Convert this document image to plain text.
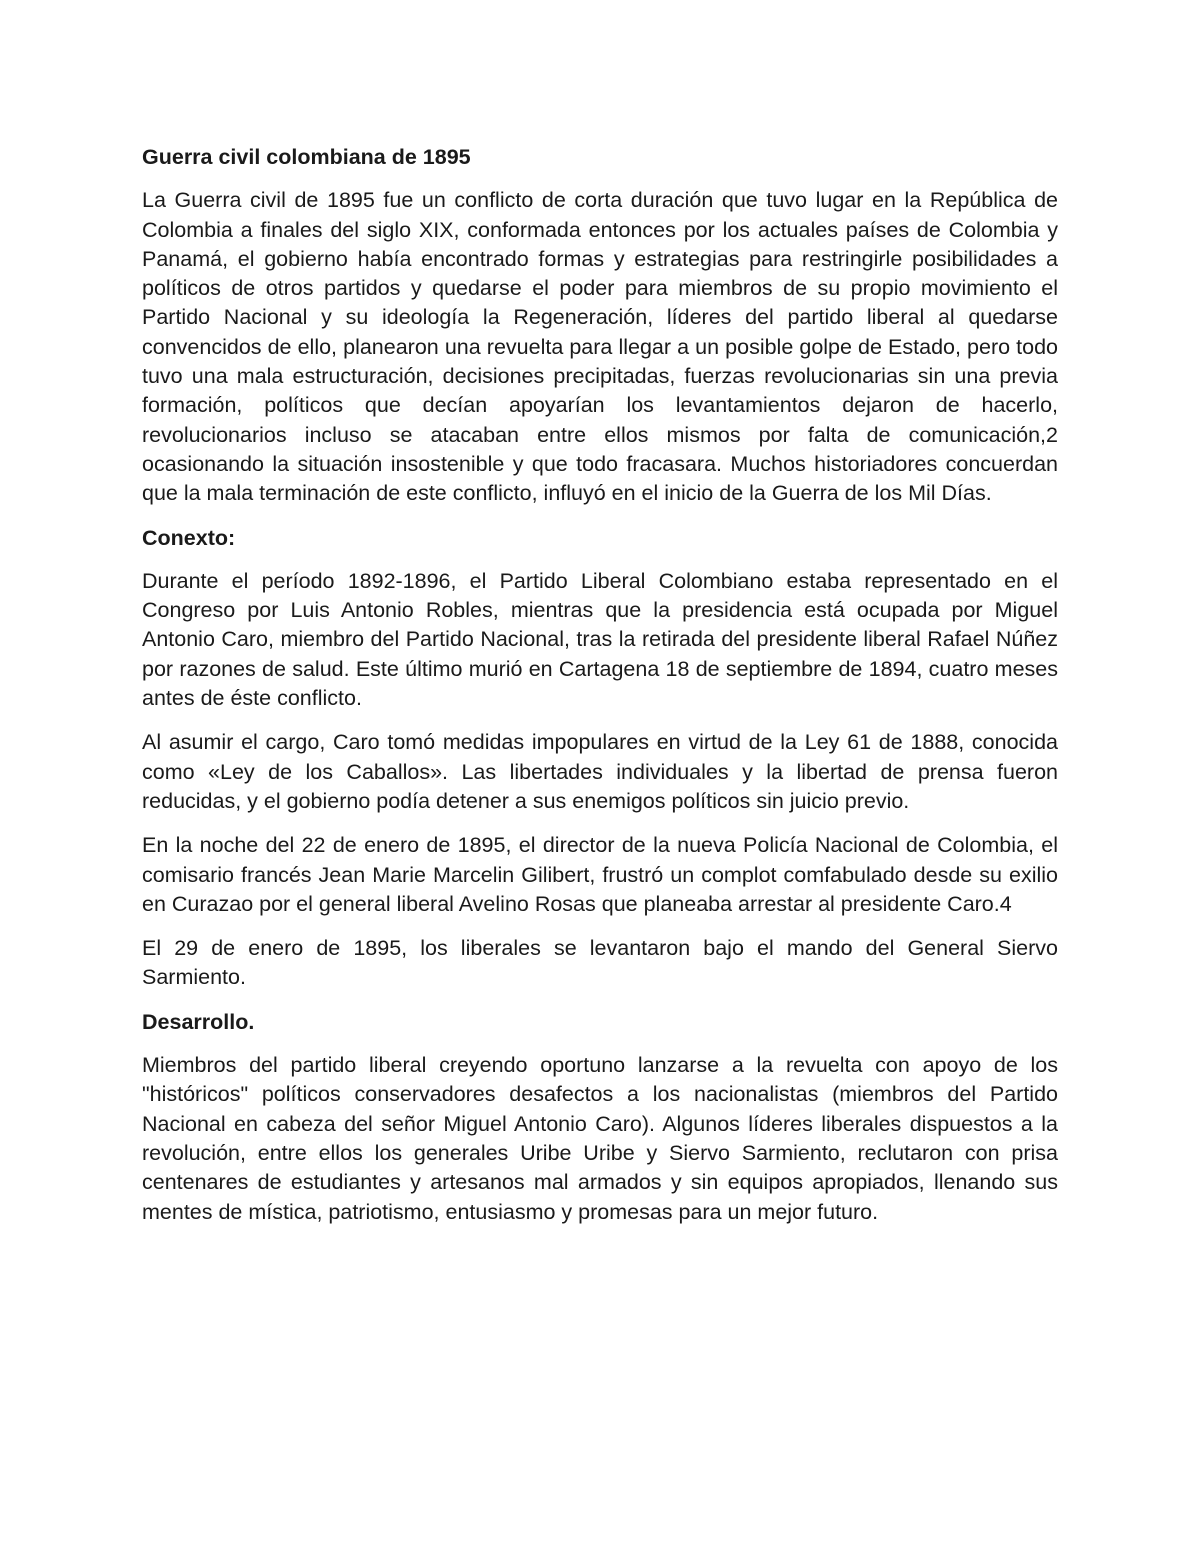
Guerra civil colombiana de 1895

La Guerra civil de 1895 fue un conflicto de corta duración que tuvo lugar en la República de Colombia a finales del siglo XIX, conformada entonces por los actuales países de Colombia y Panamá, el gobierno había encontrado formas y estrategias para restringirle posibilidades a políticos de otros partidos y quedarse el poder para miembros de su propio movimiento el Partido Nacional y su ideología la Regeneración, líderes del partido liberal al quedarse convencidos de ello, planearon una revuelta para llegar a un posible golpe de Estado, pero todo tuvo una mala estructuración, decisiones precipitadas, fuerzas revolucionarias sin una previa formación, políticos que decían apoyarían los levantamientos dejaron de hacerlo, revolucionarios incluso se atacaban entre ellos mismos por falta de comunicación,2 ocasionando la situación insostenible y que todo fracasara. Muchos historiadores concuerdan que la mala terminación de este conflicto, influyó en el inicio de la Guerra de los Mil Días.

Conexto:

Durante el período 1892-1896, el Partido Liberal Colombiano estaba representado en el Congreso por Luis Antonio Robles, mientras que la presidencia está ocupada por Miguel Antonio Caro, miembro del Partido Nacional, tras la retirada del presidente liberal Rafael Núñez por razones de salud. Este último murió en Cartagena 18 de septiembre de 1894, cuatro meses antes de éste conflicto.

Al asumir el cargo, Caro tomó medidas impopulares en virtud de la Ley 61 de 1888, conocida como «Ley de los Caballos». Las libertades individuales y la libertad de prensa fueron reducidas, y el gobierno podía detener a sus enemigos políticos sin juicio previo.

En la noche del 22 de enero de 1895, el director de la nueva Policía Nacional de Colombia, el comisario francés Jean Marie Marcelin Gilibert, frustró un complot comfabulado desde su exilio en Curazao por el general liberal Avelino Rosas que planeaba arrestar al presidente Caro.4

El 29 de enero de 1895, los liberales se levantaron bajo el mando del General Siervo Sarmiento.

Desarrollo.

Miembros del partido liberal creyendo oportuno lanzarse a la revuelta con apoyo de los "históricos" políticos conservadores desafectos a los nacionalistas (miembros del Partido Nacional en cabeza del señor Miguel Antonio Caro). Algunos líderes liberales dispuestos a la revolución, entre ellos los generales Uribe Uribe y Siervo Sarmiento, reclutaron con prisa centenares de estudiantes y artesanos mal armados y sin equipos apropiados, llenando sus mentes de mística, patriotismo, entusiasmo y promesas para un mejor futuro.
